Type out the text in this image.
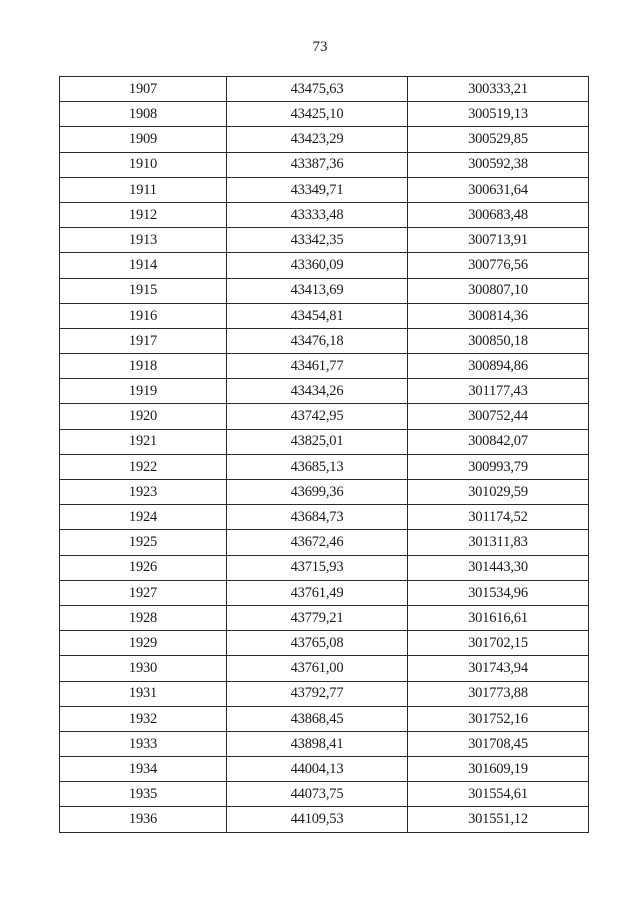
73
1907	43475,63	300333,21
1908	43425,10	300519,13
1909	43423,29	300529,85
1910	43387,36	300592,38
1911	43349,71	300631,64
1912	43333,48	300683,48
1913	43342,35	300713,91
1914	43360,09	300776,56
1915	43413,69	300807,10
1916	43454,81	300814,36
1917	43476,18	300850,18
1918	43461,77	300894,86
1919	43434,26	301177,43
1920	43742,95	300752,44
1921	43825,01	300842,07
1922	43685,13	300993,79
1923	43699,36	301029,59
1924	43684,73	301174,52
1925	43672,46	301311,83
1926	43715,93	301443,30
1927	43761,49	301534,96
1928	43779,21	301616,61
1929	43765,08	301702,15
1930	43761,00	301743,94
1931	43792,77	301773,88
1932	43868,45	301752,16
1933	43898,41	301708,45
1934	44004,13	301609,19
1935	44073,75	301554,61
1936	44109,53	301551,12
